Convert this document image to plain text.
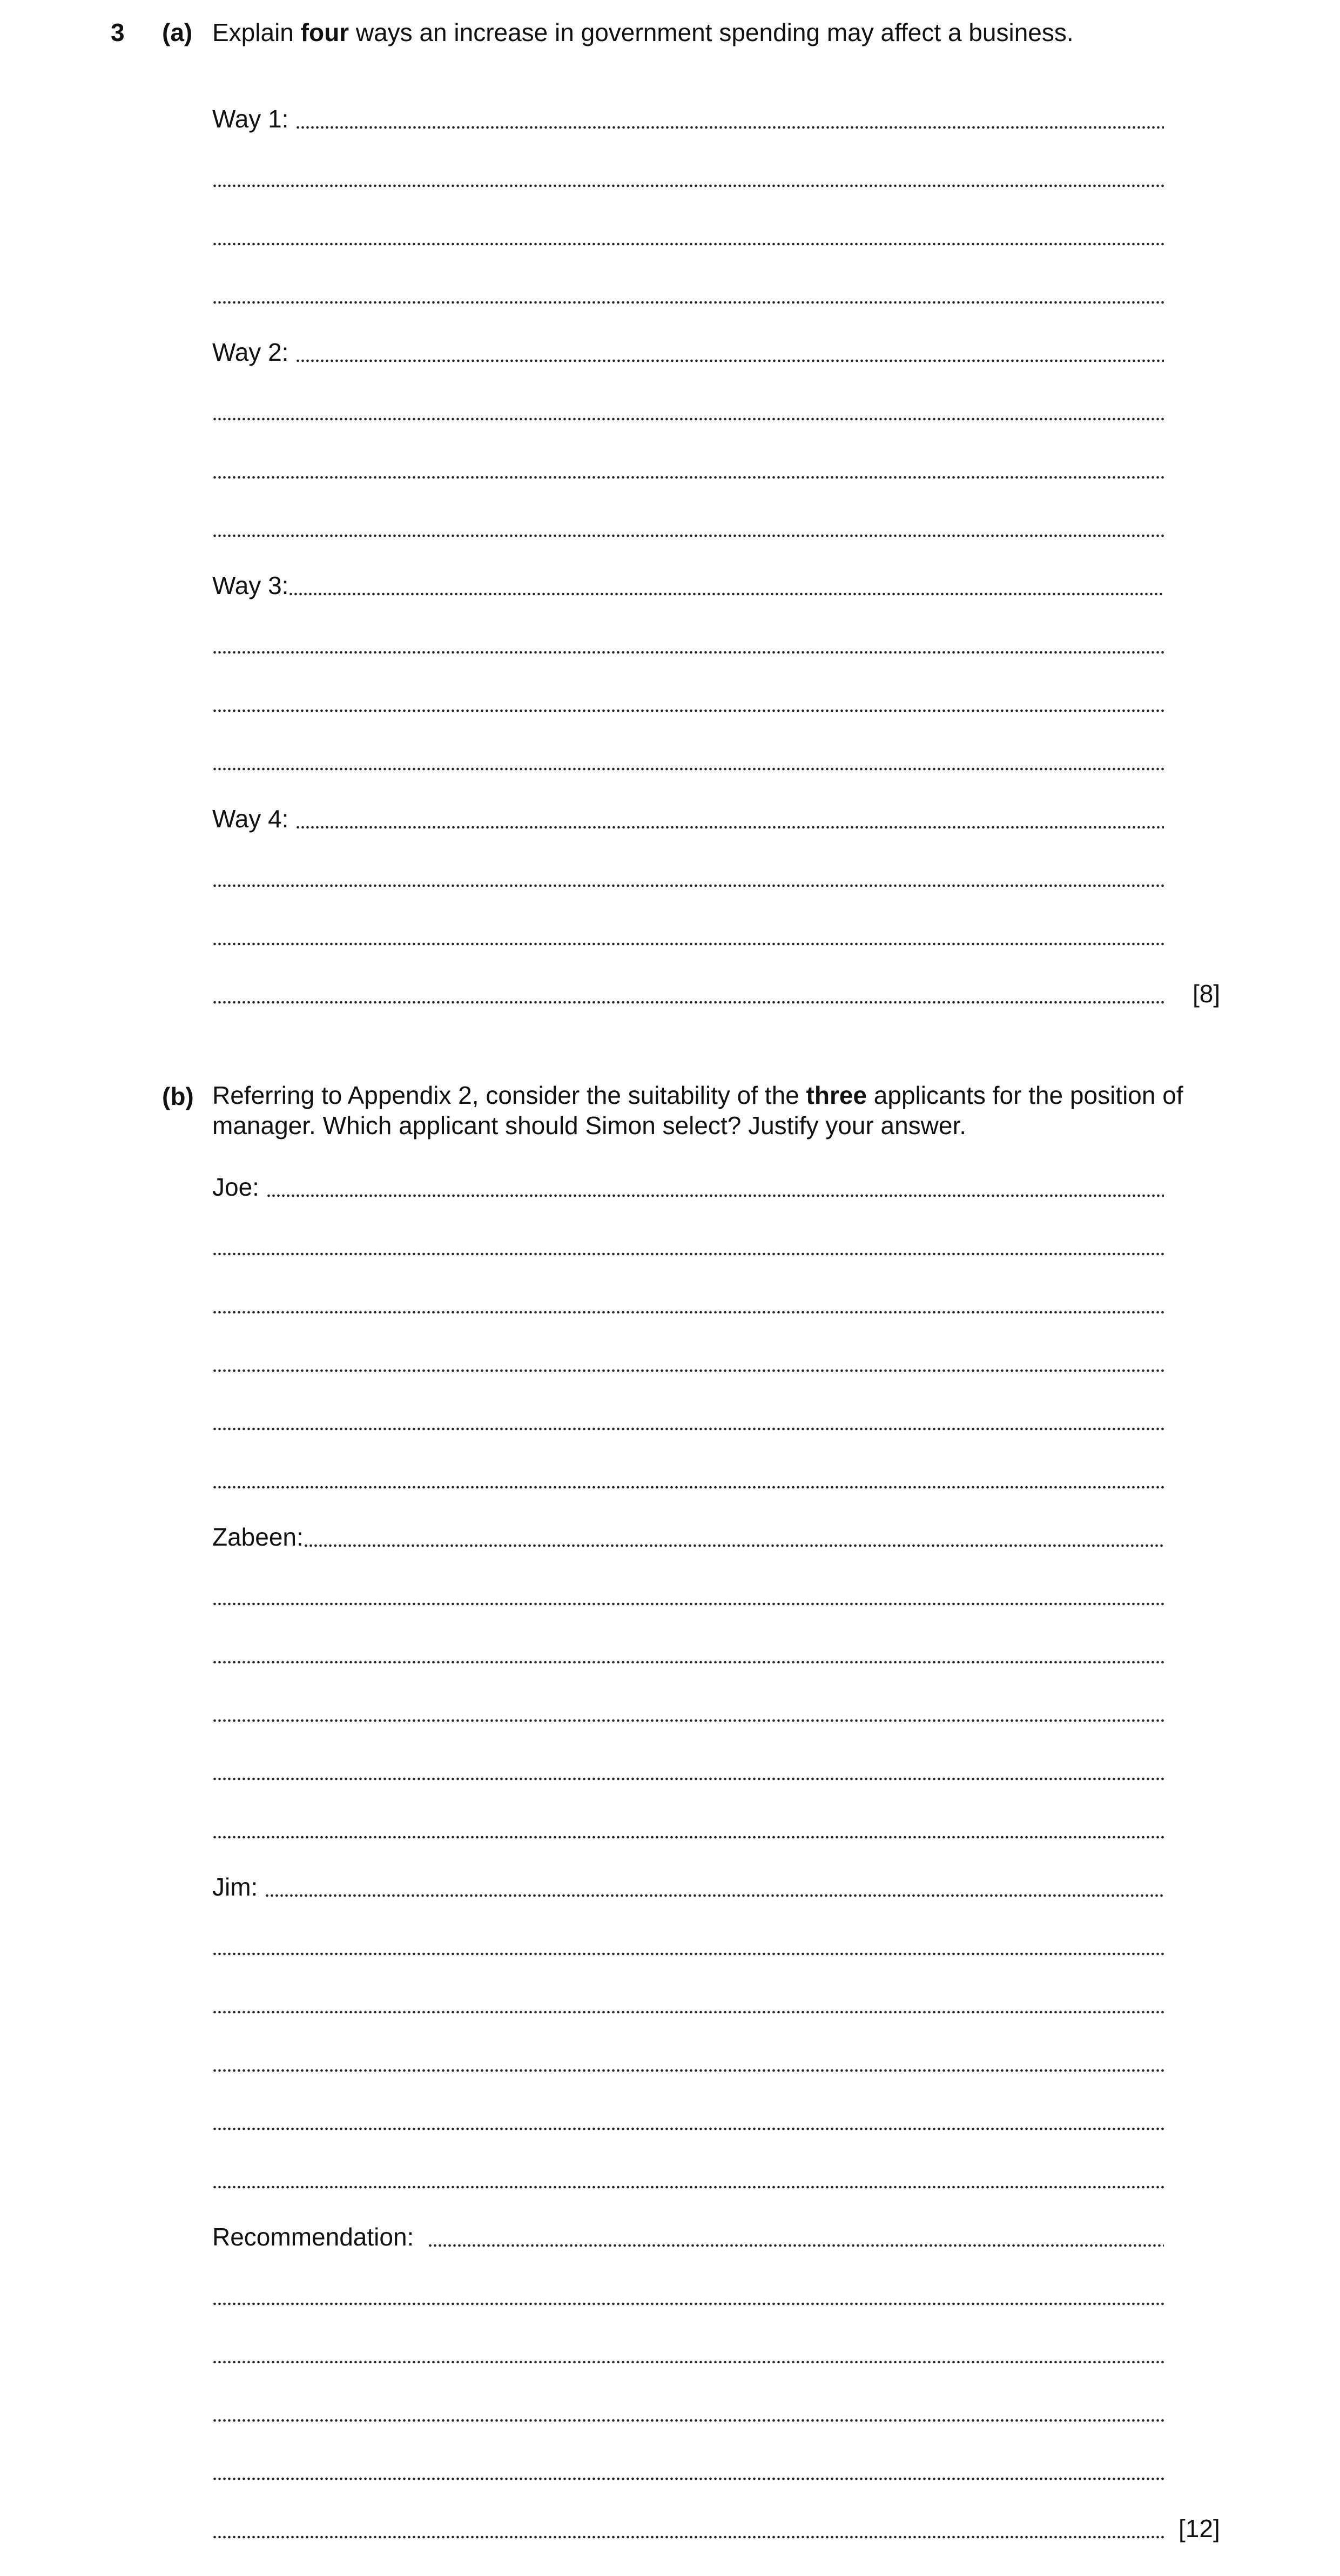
3 (a) Explain four ways an increase in government spending may affect a business.
Way 1:
Way 2:
Way 3:
Way 4:
[8]
(b) Referring to Appendix 2, consider the suitability of the three applicants for the position of
manager. Which applicant should Simon select? Justify your answer.
Joe:
Zabeen:
Jim:
Recommendation:
[12]
